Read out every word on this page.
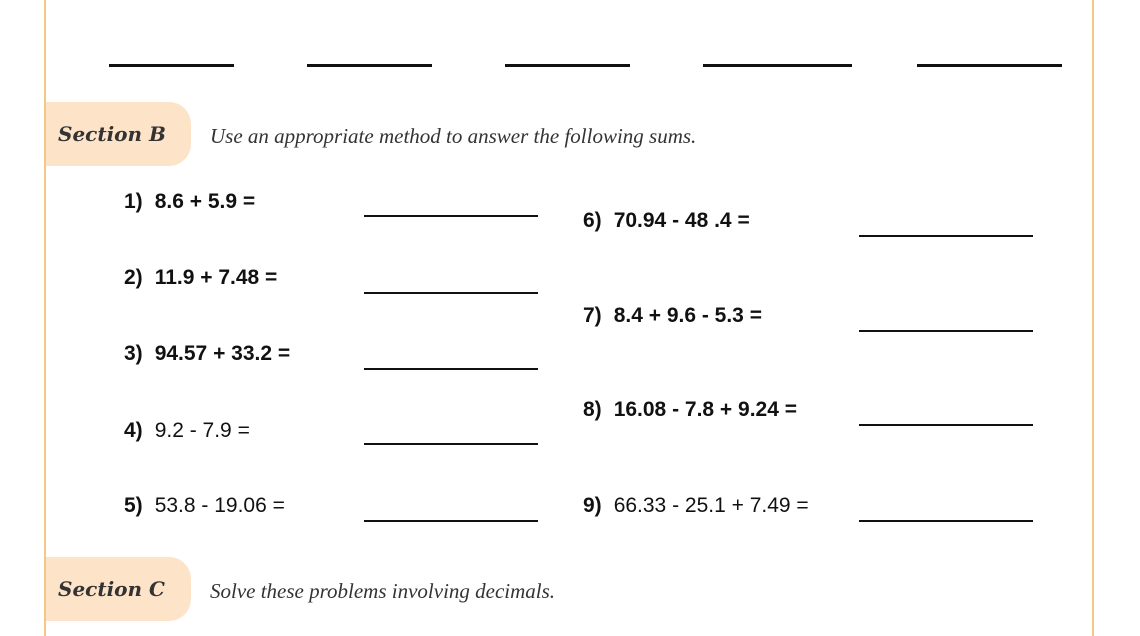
Section B Use an appropriate method to answer the following sums.
1) 8.6 + 5.9 =
2) 11.9 + 7.48 =
3) 94.57 + 33.2 =
4) 9.2 - 7.9 =
5) 53.8 - 19.06 =
6) 70.94 - 48 .4 =
7) 8.4 + 9.6 - 5.3 =
8) 16.08 - 7.8 + 9.24 =
9) 66.33 - 25.1 + 7.49 =
Section C Solve these problems involving decimals.
